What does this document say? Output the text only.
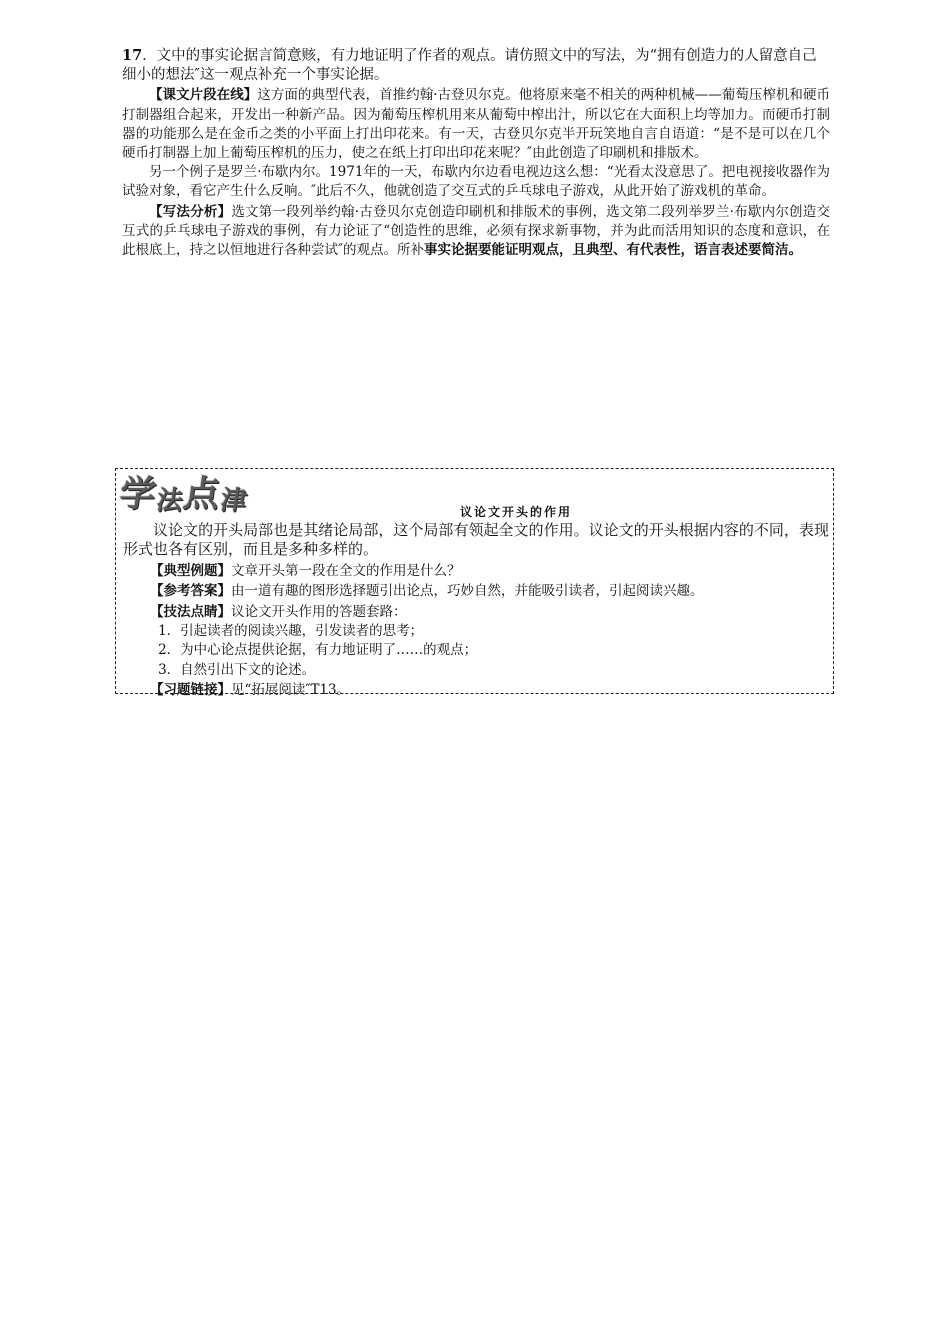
17．文中的事实论据言简意赅，有力地证明了作者的观点。请仿照文中的写法，为“拥有创造力的人留意自己细小的想法″这一观点补充一个事实论据。

【课文片段在线】这方面的典型代表，首推约翰·古登贝尔克。他将原来毫不相关的两种机械——葡萄压榨机和硬币打制器组合起来，开发出一种新产品。因为葡萄压榨机用来从葡萄中榨出汁，所以它在大面积上均等加力。而硬币打制器的功能那么是在金币之类的小平面上打出印花来。有一天，古登贝尔克半开玩笑地自言自语道：“是不是可以在几个硬币打制器上加上葡萄压榨机的压力，使之在纸上打印出印花来呢？″由此创造了印刷机和排版术。

另一个例子是罗兰·布歇内尔。1971年的一天，布歇内尔边看电视边这么想：“光看太没意思了。把电视接收器作为试验对象，看它产生什么反响。″此后不久，他就创造了交互式的乒乓球电子游戏，从此开始了游戏机的革命。

【写法分析】选文第一段列举约翰·古登贝尔克创造印刷机和排版术的事例，选文第二段列举罗兰·布歇内尔创造交互式的乒乓球电子游戏的事例，有力论证了“创造性的思维，必须有探求新事物，并为此而活用知识的态度和意识，在此根底上，持之以恒地进行各种尝试″的观点。所补事实论据要能证明观点，且典型、有代表性，语言表述要简洁。

学
法
点
津	议论文开头的作用

议论文的开头局部也是其绪论局部，这个局部有领起全文的作用。议论文的开头根据内容的不同，表现形式也各有区别，而且是多种多样的。

【典型例题】文章开头第一段在全文的作用是什么？

【参考答案】由一道有趣的图形选择题引出论点，巧妙自然，并能吸引读者，引起阅读兴趣。

【技法点睛】议论文开头作用的答题套路：

1．引起读者的阅读兴趣，引发读者的思考；

2．为中心论点提供论据，有力地证明了……的观点；

3．自然引出下文的论述。

【习题链接】见“拓展阅读″T13。
